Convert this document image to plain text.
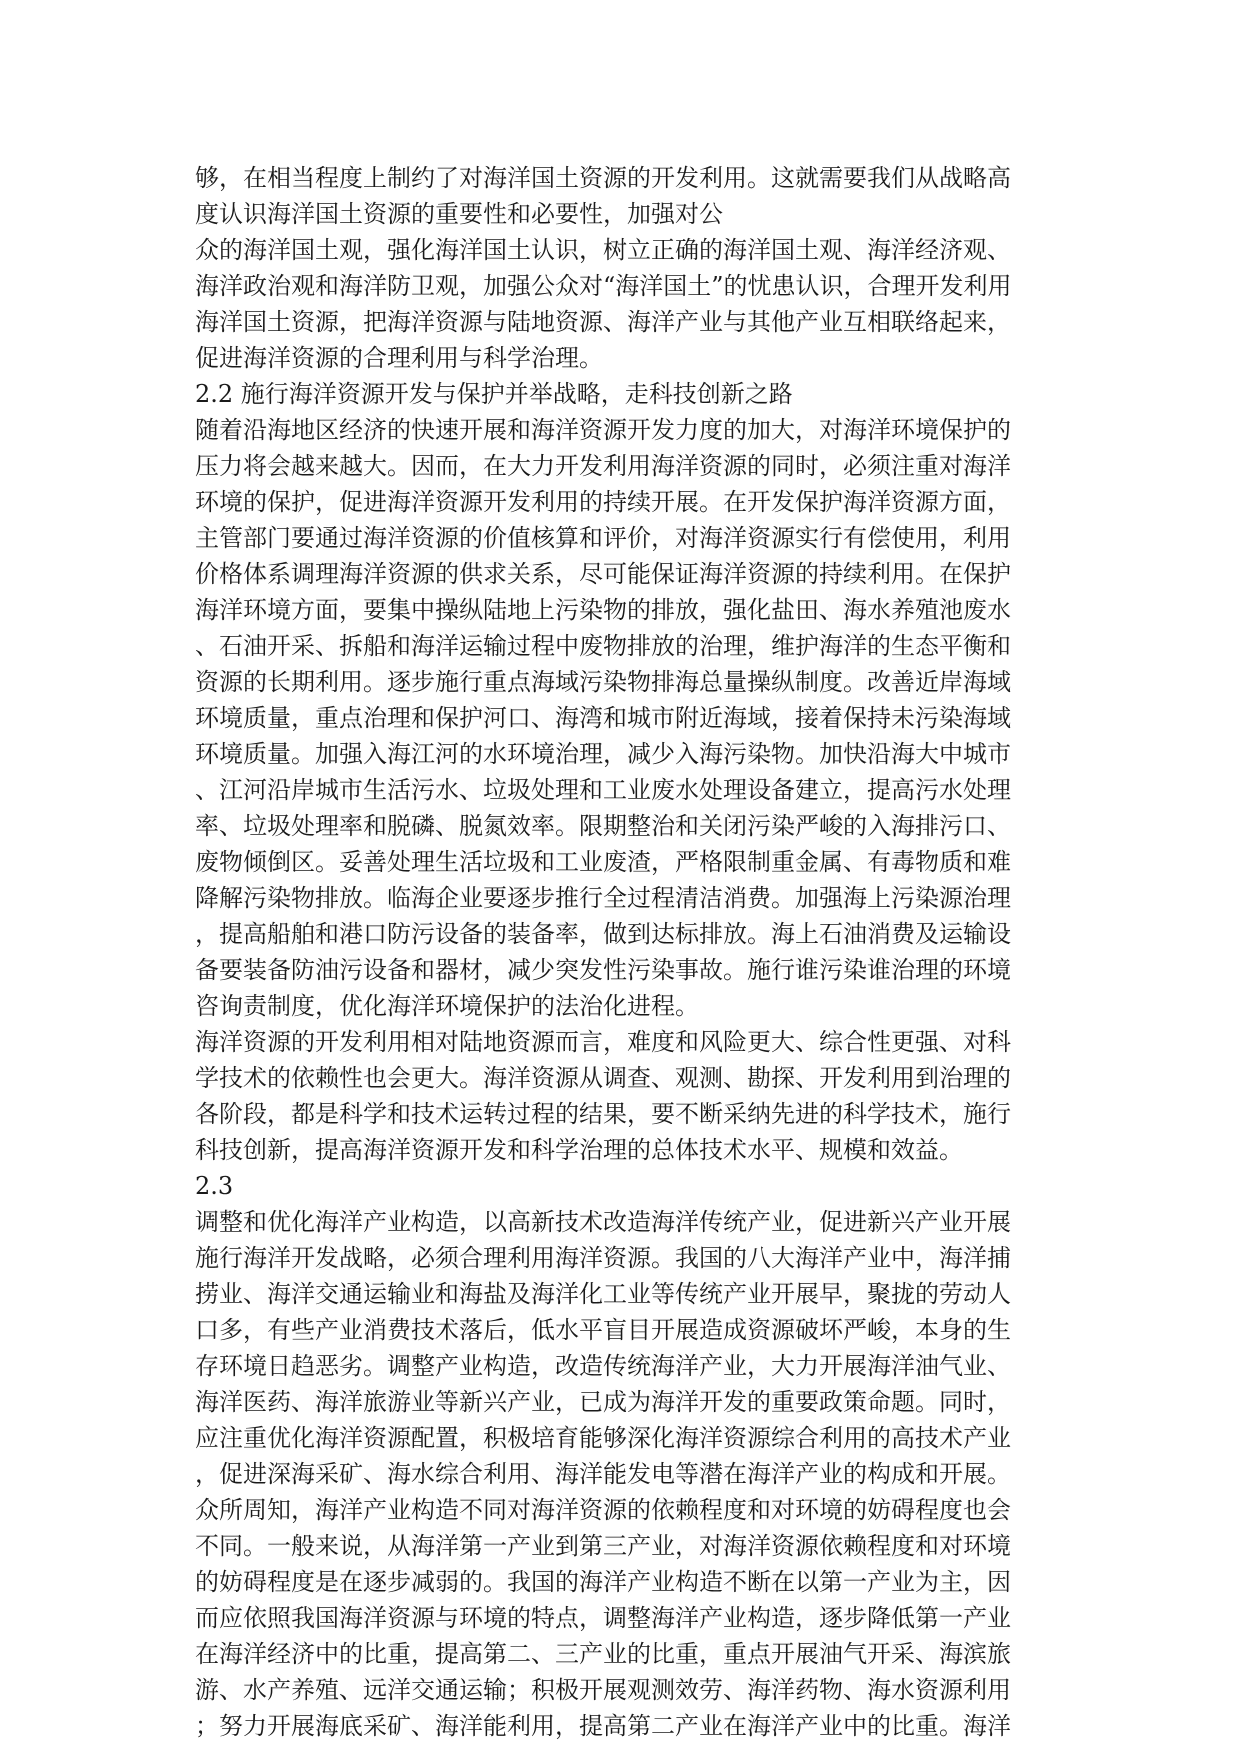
够，在相当程度上制约了对海洋国土资源的开发利用。这就需要我们从战略高
度认识海洋国土资源的重要性和必要性，加强对公
众的海洋国土观，强化海洋国土认识，树立正确的海洋国土观、海洋经济观、
海洋政治观和海洋防卫观，加强公众对“海洋国土”的忧患认识，合理开发利用
海洋国土资源，把海洋资源与陆地资源、海洋产业与其他产业互相联络起来，
促进海洋资源的合理利用与科学治理。
2.2 施行海洋资源开发与保护并举战略，走科技创新之路
随着沿海地区经济的快速开展和海洋资源开发力度的加大，对海洋环境保护的
压力将会越来越大。因而，在大力开发利用海洋资源的同时，必须注重对海洋
环境的保护，促进海洋资源开发利用的持续开展。在开发保护海洋资源方面，
主管部门要通过海洋资源的价值核算和评价，对海洋资源实行有偿使用，利用
价格体系调理海洋资源的供求关系，尽可能保证海洋资源的持续利用。在保护
海洋环境方面，要集中操纵陆地上污染物的排放，强化盐田、海水养殖池废水
、石油开采、拆船和海洋运输过程中废物排放的治理，维护海洋的生态平衡和
资源的长期利用。逐步施行重点海域污染物排海总量操纵制度。改善近岸海域
环境质量，重点治理和保护河口、海湾和城市附近海域，接着保持未污染海域
环境质量。加强入海江河的水环境治理，减少入海污染物。加快沿海大中城市
、江河沿岸城市生活污水、垃圾处理和工业废水处理设备建立，提高污水处理
率、垃圾处理率和脱磷、脱氮效率。限期整治和关闭污染严峻的入海排污口、
废物倾倒区。妥善处理生活垃圾和工业废渣，严格限制重金属、有毒物质和难
降解污染物排放。临海企业要逐步推行全过程清洁消费。加强海上污染源治理
，提高船舶和港口防污设备的装备率，做到达标排放。海上石油消费及运输设
备要装备防油污设备和器材，减少突发性污染事故。施行谁污染谁治理的环境
咨询责制度，优化海洋环境保护的法治化进程。
海洋资源的开发利用相对陆地资源而言，难度和风险更大、综合性更强、对科
学技术的依赖性也会更大。海洋资源从调查、观测、勘探、开发利用到治理的
各阶段，都是科学和技术运转过程的结果，要不断采纳先进的科学技术，施行
科技创新，提高海洋资源开发和科学治理的总体技术水平、规模和效益。
2.3
调整和优化海洋产业构造，以高新技术改造海洋传统产业，促进新兴产业开展
施行海洋开发战略，必须合理利用海洋资源。我国的八大海洋产业中，海洋捕
捞业、海洋交通运输业和海盐及海洋化工业等传统产业开展早，聚拢的劳动人
口多，有些产业消费技术落后，低水平盲目开展造成资源破坏严峻，本身的生
存环境日趋恶劣。调整产业构造，改造传统海洋产业，大力开展海洋油气业、
海洋医药、海洋旅游业等新兴产业，已成为海洋开发的重要政策命题。同时，
应注重优化海洋资源配置，积极培育能够深化海洋资源综合利用的高技术产业
，促进深海采矿、海水综合利用、海洋能发电等潜在海洋产业的构成和开展。
众所周知，海洋产业构造不同对海洋资源的依赖程度和对环境的妨碍程度也会
不同。一般来说，从海洋第一产业到第三产业，对海洋资源依赖程度和对环境
的妨碍程度是在逐步减弱的。我国的海洋产业构造不断在以第一产业为主，因
而应依照我国海洋资源与环境的特点，调整海洋产业构造，逐步降低第一产业
在海洋经济中的比重，提高第二、三产业的比重，重点开展油气开采、海滨旅
游、水产养殖、远洋交通运输；积极开展观测效劳、海洋药物、海水资源利用
；努力开展海底采矿、海洋能利用，提高第二产业在海洋产业中的比重。海洋
